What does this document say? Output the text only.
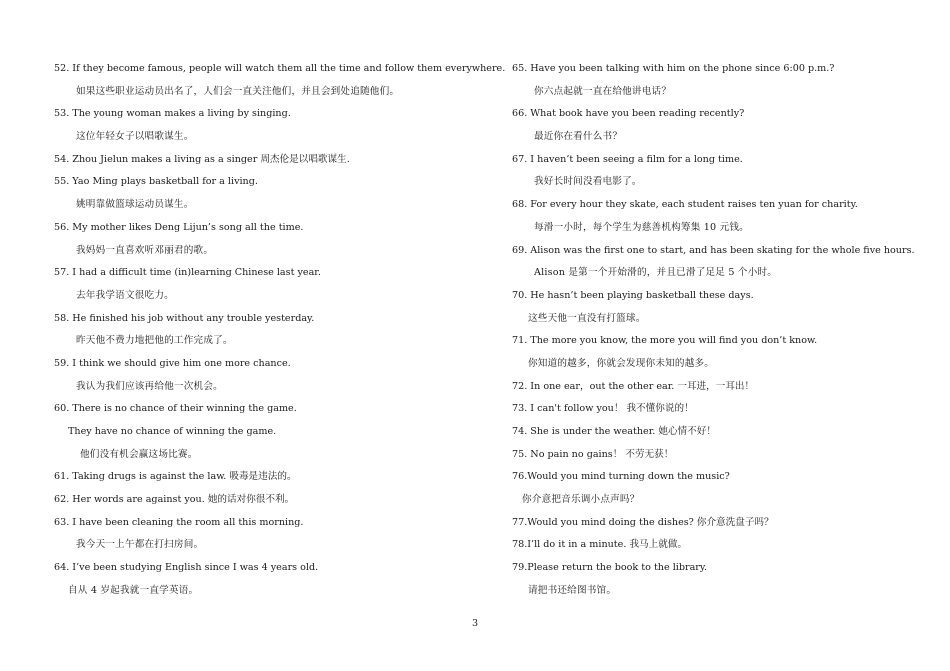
52. If they become famous, people will watch them all the time and follow them everywhere.
如果这些职业运动员出名了，人们会一直关注他们，并且会到处追随他们。
53. The young woman makes a living by singing.
这位年轻女子以唱歌谋生。
54. Zhou Jielun makes a living as a singer 周杰伦是以唱歌谋生.
55. Yao Ming plays basketball for a living.
姚明靠做篮球运动员谋生。
56. My mother likes Deng Lijun’s song all the time.
我妈妈一直喜欢听邓丽君的歌。
57. I had a difficult time (in)learning Chinese last year.
去年我学语文很吃力。
58. He finished his job without any trouble yesterday.
昨天他不费力地把他的工作完成了。
59. I think we should give him one more chance.
我认为我们应该再给他一次机会。
60. There is no chance of their winning the game.
They have no chance of winning the game.
他们没有机会赢这场比赛。
61. Taking drugs is against the law. 吸毒是违法的。
62. Her words are against you. 她的话对你很不利。
63. I have been cleaning the room all this morning.
我今天一上午都在打扫房间。
64. I’ve been studying English since I was 4 years old.
自从 4 岁起我就一直学英语。
65. Have you been talking with him on the phone since 6:00 p.m.?
你六点起就一直在给他讲电话？
66. What book have you been reading recently?
最近你在看什么书？
67. I haven’t been seeing a film for a long time.
我好长时间没看电影了。
68. For every hour they skate, each student raises ten yuan for charity.
每滑一小时，每个学生为慈善机构筹集 10 元钱。
69. Alison was the first one to start, and has been skating for the whole five hours.
Alison 是第一个开始滑的，并且已滑了足足 5 个小时。
70. He hasn’t been playing basketball these days.
这些天他一直没有打篮球。
71. The more you know, the more you will find you don’t know.
你知道的越多，你就会发现你未知的越多。
72. In one ear，out the other ear. 一耳进，一耳出！
73. I can't follow you！ 我不懂你说的！
74. She is under the weather. 她心情不好！
75. No pain no gains！ 不劳无获！
76.Would you mind turning down the music?
你介意把音乐调小点声吗？
77.Would you mind doing the dishes? 你介意洗盘子吗？
78.I’ll do it in a minute. 我马上就做。
79.Please return the book to the library.
请把书还给图书馆。
3
